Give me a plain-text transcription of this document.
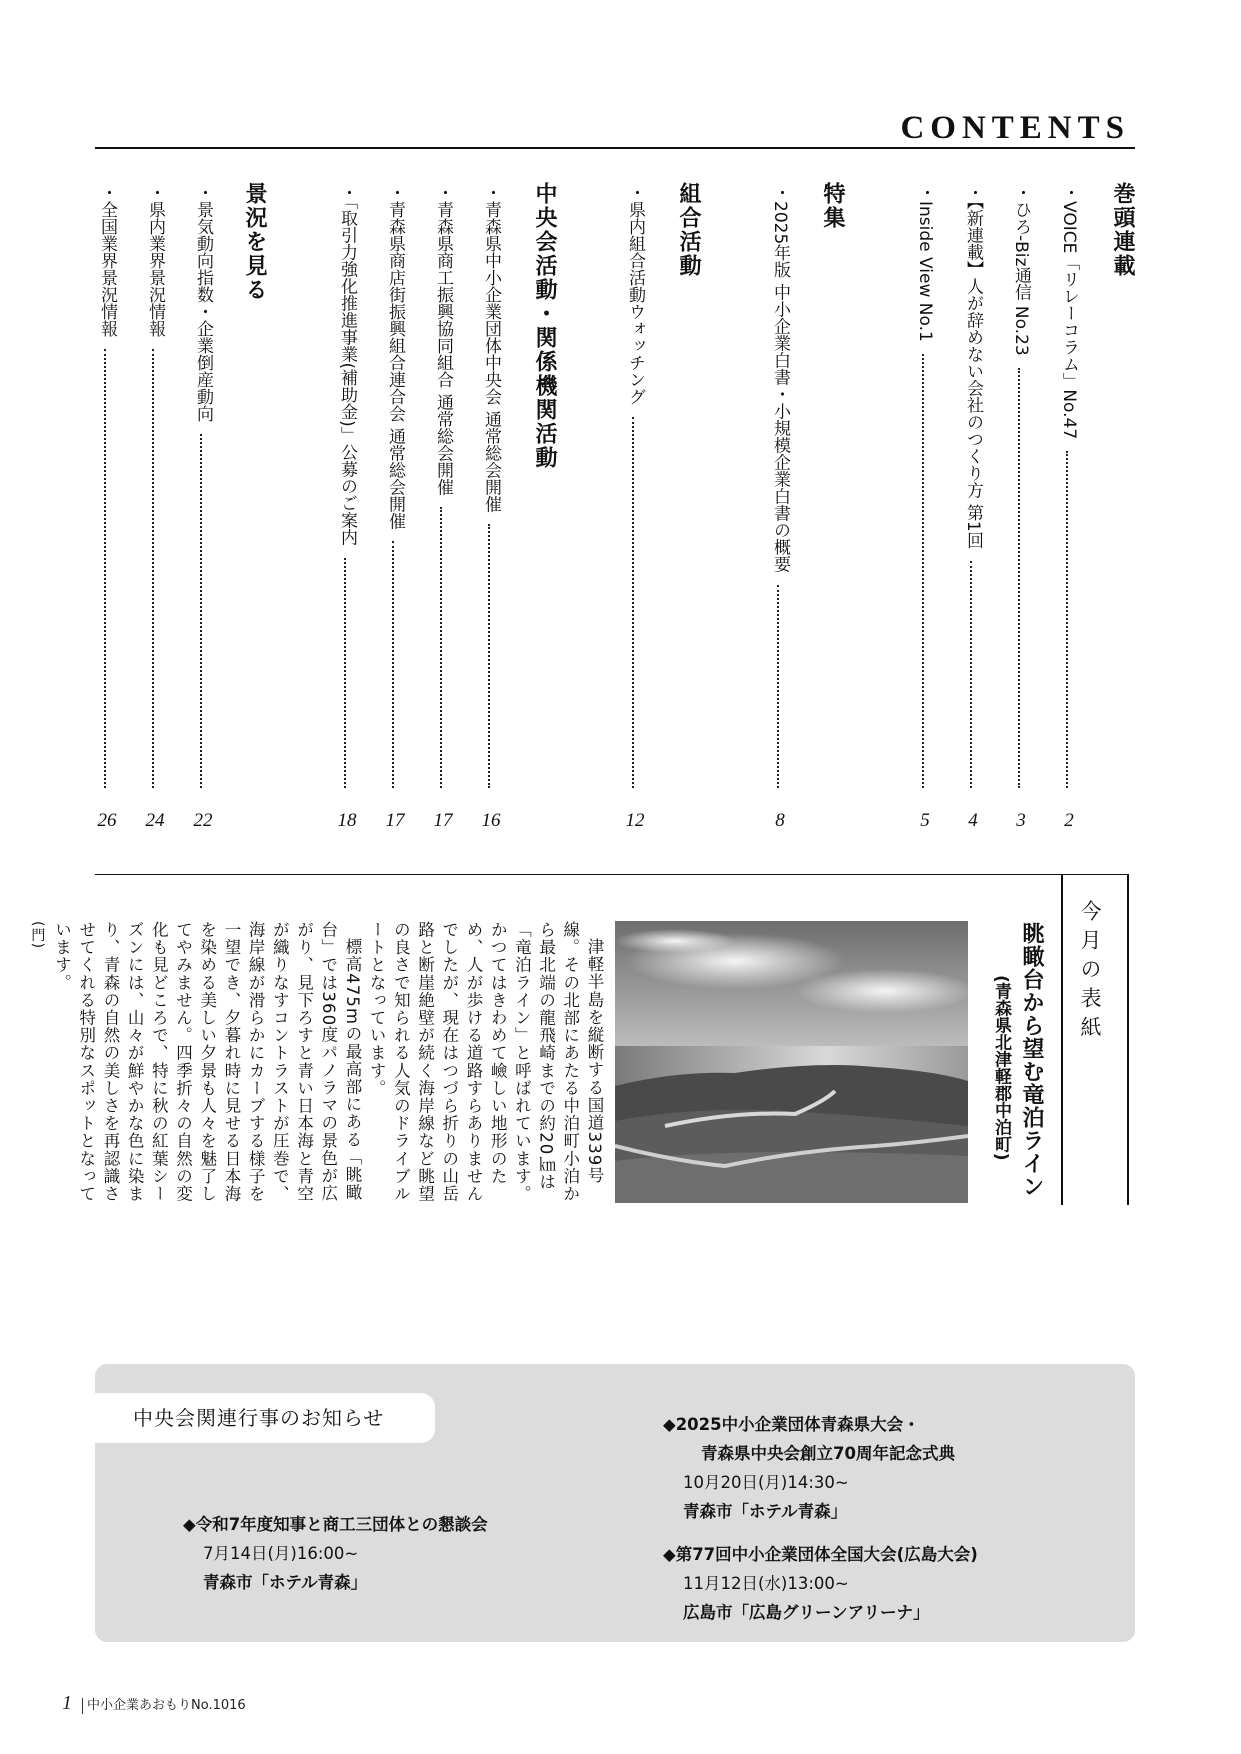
CONTENTS
巻頭連載
・VOICE「リレーコラム」No.47
・ひろ-Biz通信 No.23
・【新連載】人が辞めない会社のつくり方 第1回
・Inside View No.1
2
3
4
5
特集
・2025年版 中小企業白書・小規模企業白書の概要
8
組合活動
・県内組合活動ウォッチング
12
中央会活動・関係機関活動
・青森県中小企業団体中央会 通常総会開催
・青森県商工振興協同組合 通常総会開催
・青森県商店街振興組合連合会 通常総会開催
・「取引力強化推進事業(補助金)」公募のご案内
16
17
17
18
景況を見る
・景気動向指数・企業倒産動向
・県内業界景況情報
・全国業界景況情報
22
24
26
今月の表紙
眺瞰台から望む竜泊ライン
(青森県北津軽郡中泊町)

津軽半島を縦断する国道339号線。その北部にあたる中泊町小泊から最北端の龍飛崎までの約20㎞は「竜泊ライン」と呼ばれています。かつてはきわめて嶮しい地形のため、人が歩ける道路すらありませんでしたが、現在はつづら折りの山岳路と断崖絶壁が続く海岸線など眺望の良さで知られる人気のドライブルートとなっています。

標高475mの最高部にある「眺瞰台」では360度パノラマの景色が広がり、見下ろすと青い日本海と青空が織りなすコントラストが圧巻で、海岸線が滑らかにカーブする様子を一望でき、夕暮れ時に見せる日本海を染める美しい夕景も人々を魅了してやみません。四季折々の自然の変化も見どころで、特に秋の紅葉シーズンには、山々が鮮やかな色に染まり、青森の自然の美しさを再認識させてくれる特別なスポットとなっています。

(門)
中央会関連行事のお知らせ
◆令和7年度知事と商工三団体との懇談会
7月14日(月)16:00~
青森市「ホテル青森」
◆2025中小企業団体青森県大会・
青森県中央会創立70周年記念式典
10月20日(月)14:30~
青森市「ホテル青森」
◆第77回中小企業団体全国大会(広島大会)
11月12日(水)13:00~
広島市「広島グリーンアリーナ」
1 中小企業あおもりNo.1016
